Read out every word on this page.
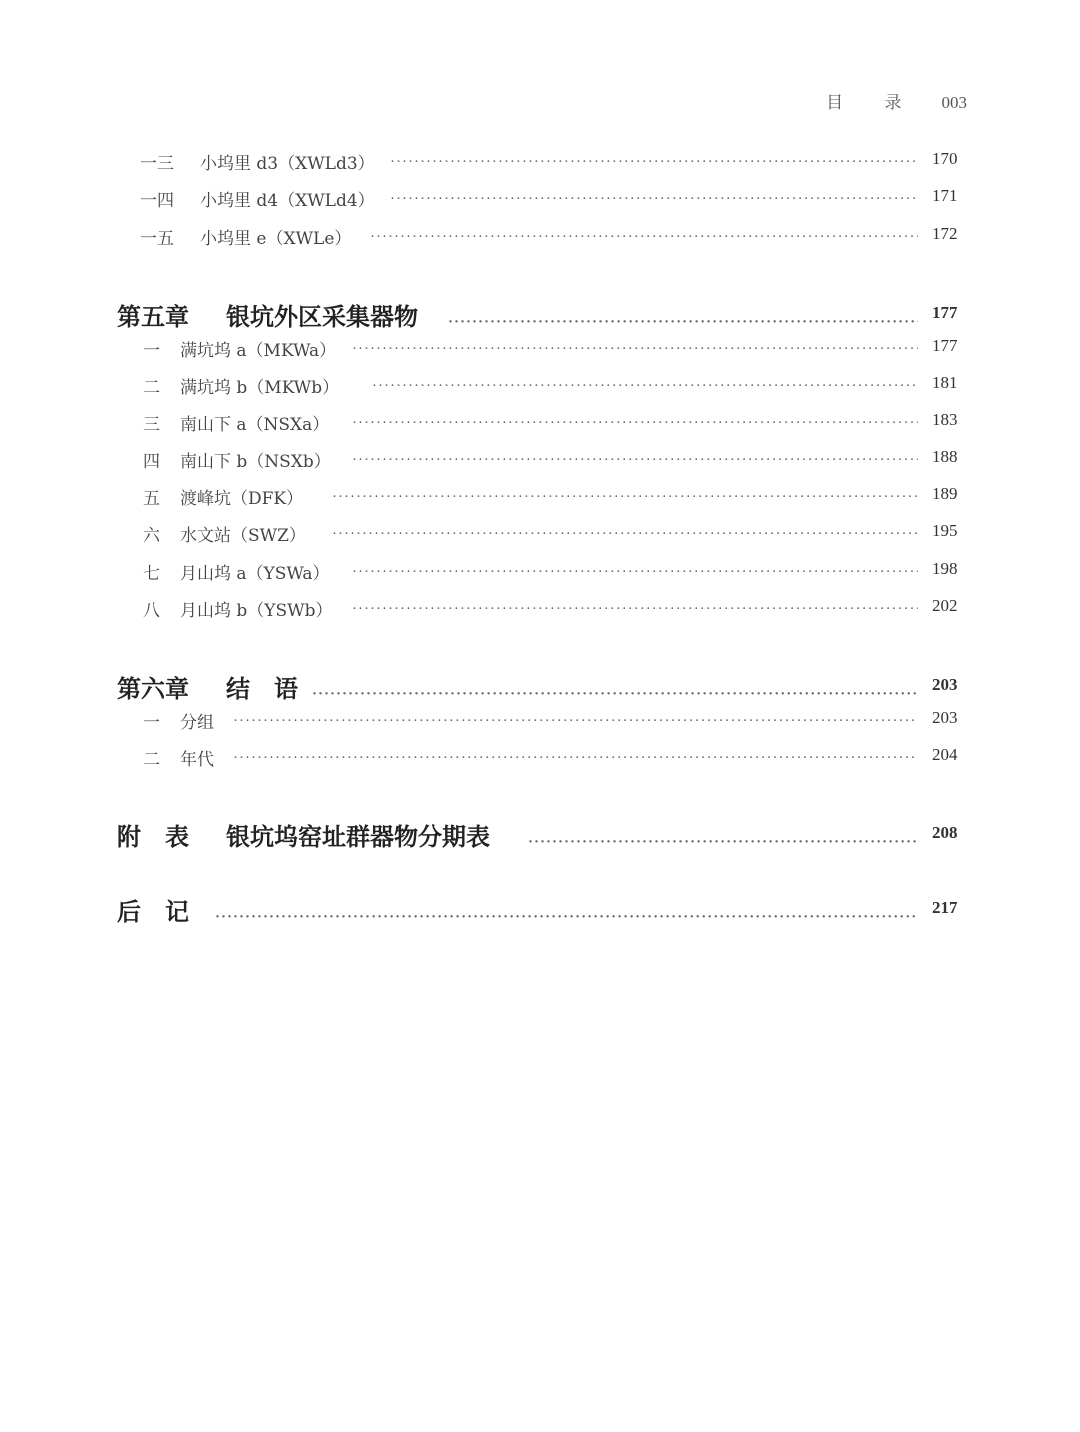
目 录 003
一三 小坞里 d3（XWLd3） ·····	170
一四 小坞里 d4（XWLd4） ·····	171
一五 小坞里 e（XWLe） ·····	172
第五章 银坑外区采集器物 ·····	177
一 满坑坞 a（MKWa） ·····	177
二 满坑坞 b（MKWb） ·····	181
三 南山下 a（NSXa） ·····	183
四 南山下 b（NSXb） ·····	188
五 渡峰坑（DFK） ·····	189
六 水文站（SWZ） ·····	195
七 月山坞 a（YSWa） ·····	198
八 月山坞 b（YSWb） ·····	202
第六章 结　语 ·····	203
一 分组 ·····	203
二 年代 ·····	204
附　表 银坑坞窑址群器物分期表 ·····	208
后　记 ·····	217
